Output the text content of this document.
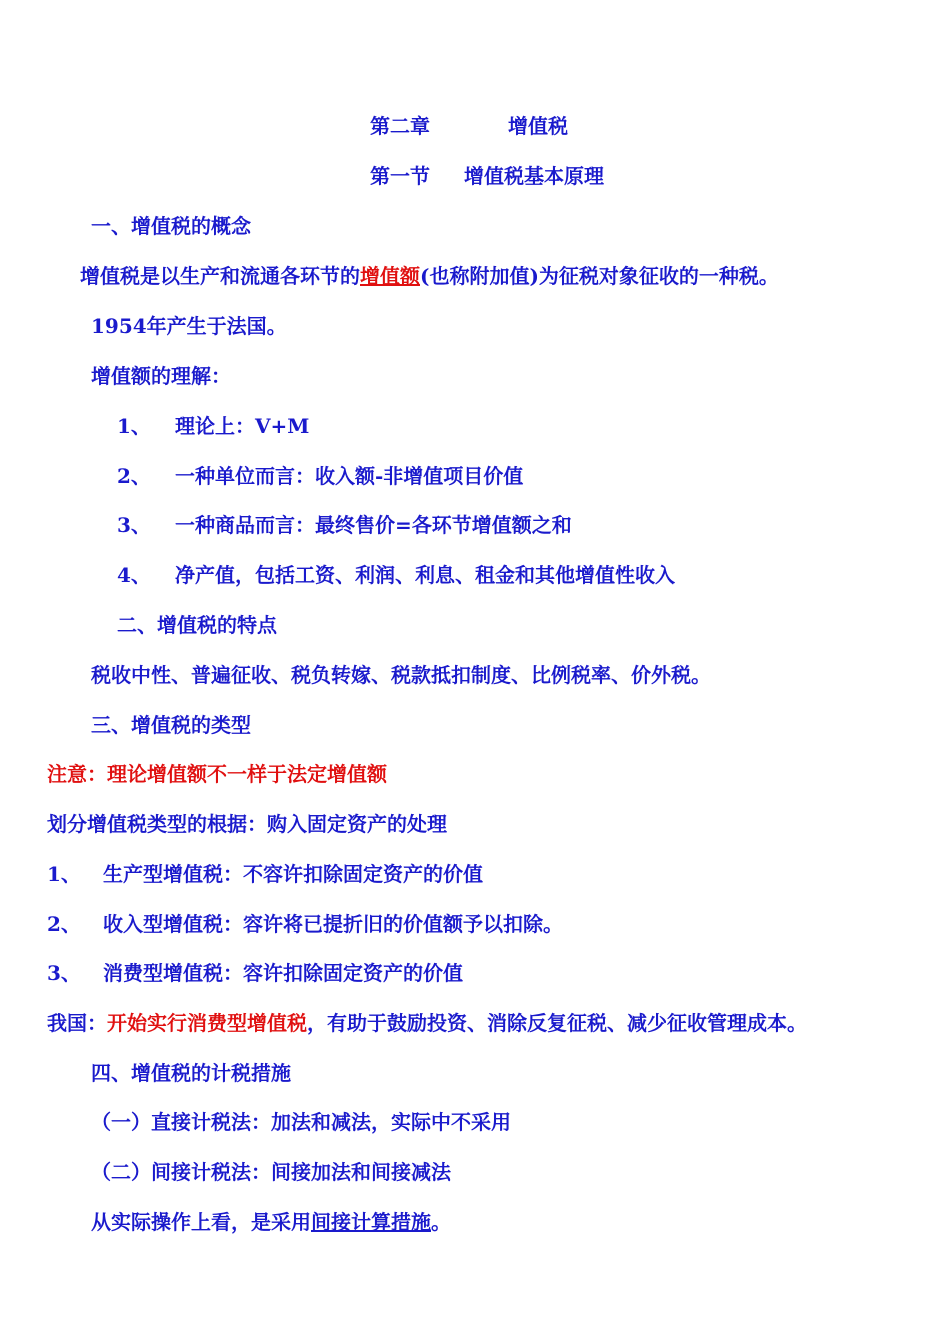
第二章	增值税
第一节 增值税基本原理
一、增值税的概念
增值税是以生产和流通各环节的增值额(也称附加值)为征税对象征收的一种税。
1954年产生于法国。
增值额的理解：
1、 理论上：V+M
2、 一种单位而言：收入额-非增值项目价值
3、 一种商品而言：最终售价=各环节增值额之和
4、 净产值，包括工资、利润、利息、租金和其他增值性收入
二、增值税的特点
税收中性、普遍征收、税负转嫁、税款抵扣制度、比例税率、价外税。
三、增值税的类型
注意：理论增值额不一样于法定增值额
划分增值税类型的根据：购入固定资产的处理
1、 生产型增值税：不容许扣除固定资产的价值
2、 收入型增值税：容许将已提折旧的价值额予以扣除。
3、 消费型增值税：容许扣除固定资产的价值
我国：开始实行消费型增值税，有助于鼓励投资、消除反复征税、减少征收管理成本。
四、增值税的计税措施
（一）直接计税法：加法和减法，实际中不采用
（二）间接计税法：间接加法和间接减法
从实际操作上看，是采用间接计算措施。
